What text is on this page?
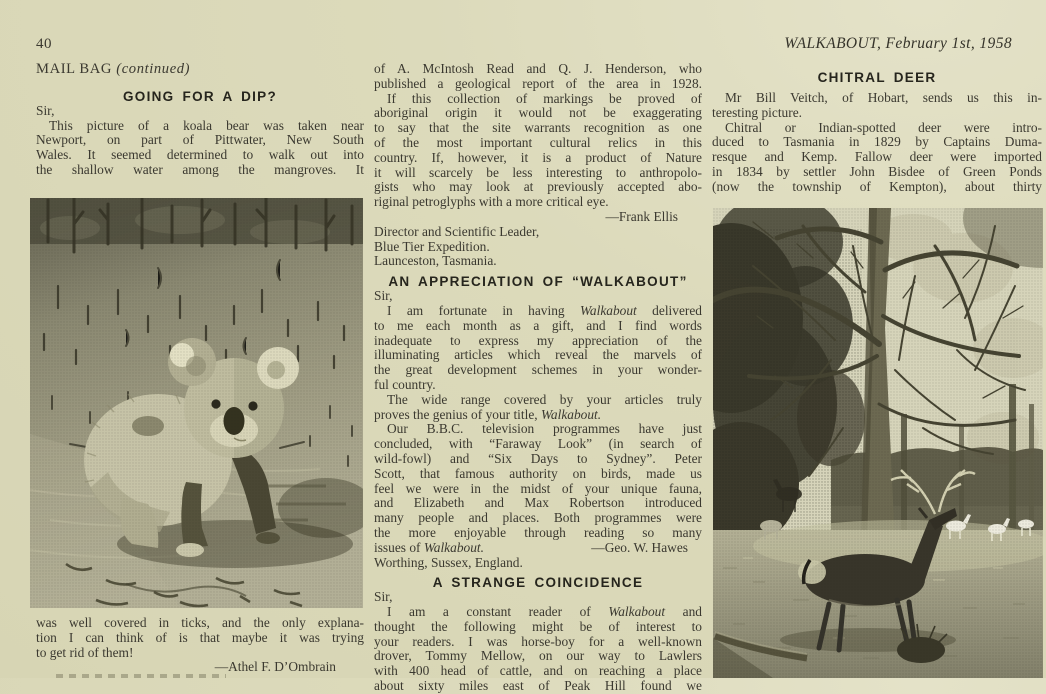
40	WALKABOUT, February 1st, 1958
MAIL BAG (continued)
GOING FOR A DIP?
Sir,
This picture of a koala bear was taken near
Newport, on part of Pittwater, New South
Wales. It seemed determined to walk out into
the shallow water among the mangroves. It
was well covered in ticks, and the only explana-
tion I can think of is that maybe it was trying
to get rid of them!
—Athel F. D’Ombrain
of A. McIntosh Read and Q. J. Henderson, who
published a geological report of the area in 1928.
If this collection of markings be proved of
aboriginal origin it would not be exaggerating
to say that the site warrants recognition as one
of the most important cultural relics in this
country. If, however, it is a product of Nature
it will scarcely be less interesting to anthropolo-
gists who may look at previously accepted abo-
riginal petroglyphs with a more critical eye.
—Frank Ellis
Director and Scientific Leader,
Blue Tier Expedition.
Launceston, Tasmania.
AN APPRECIATION OF “WALKABOUT”
Sir,
I am fortunate in having Walkabout delivered
to me each month as a gift, and I find words
inadequate to express my appreciation of the
illuminating articles which reveal the marvels of
the great development schemes in your wonder-
ful country.
The wide range covered by your articles truly
proves the genius of your title, Walkabout.
Our B.B.C. television programmes have just
concluded, with “Faraway Look” (in search of
wild-fowl) and “Six Days to Sydney”. Peter
Scott, that famous authority on birds, made us
feel we were in the midst of your unique fauna,
and Elizabeth and Max Robertson introduced
many people and places. Both programmes were
the more enjoyable through reading so many
issues of Walkabout.	—Geo. W. Hawes
Worthing, Sussex, England.
A STRANGE COINCIDENCE
Sir,
I am a constant reader of Walkabout and
thought the following might be of interest to
your readers. I was horse-boy for a well-known
drover, Tommy Mellow, on our way to Lawlers
with 400 head of cattle, and on reaching a place
about sixty miles east of Peak Hill found we
CHITRAL DEER
Mr Bill Veitch, of Hobart, sends us this in-
teresting picture.
Chitral or Indian-spotted deer were intro-
duced to Tasmania in 1829 by Captains Duma-
resque and Kemp. Fallow deer were imported
in 1834 by settler John Bisdee of Green Ponds
(now the township of Kempton), about thirty
